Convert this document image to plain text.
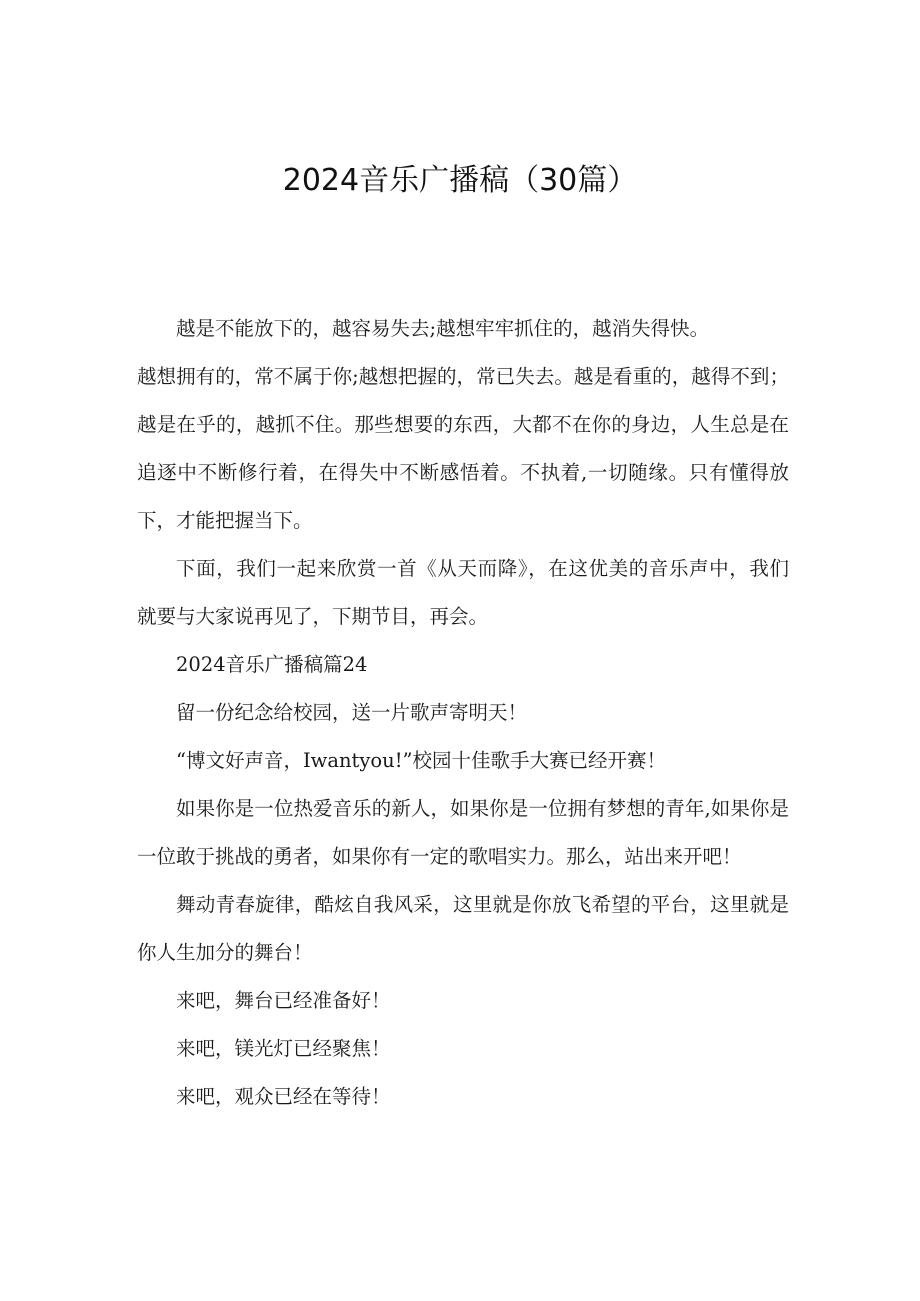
2024音乐广播稿（30篇）

越是不能放下的，越容易失去;越想牢牢抓住的，越消失得快。

越想拥有的，常不属于你;越想把握的，常已失去。越是看重的，越得不到；越是在乎的，越抓不住。那些想要的东西，大都不在你的身边，人生总是在追逐中不断修行着，在得失中不断感悟着。不执着,一切随缘。只有懂得放下，才能把握当下。

下面，我们一起来欣赏一首《从天而降》，在这优美的音乐声中，我们就要与大家说再见了，下期节目，再会。

2024音乐广播稿篇24

留一份纪念给校园，送一片歌声寄明天！

“博文好声音，Iwantyou!”校园十佳歌手大赛已经开赛！

如果你是一位热爱音乐的新人，如果你是一位拥有梦想的青年,如果你是一位敢于挑战的勇者，如果你有一定的歌唱实力。那么，站出来开吧！

舞动青春旋律，酷炫自我风采，这里就是你放飞希望的平台，这里就是你人生加分的舞台！

来吧，舞台已经准备好！

来吧，镁光灯已经聚焦！

来吧，观众已经在等待！
